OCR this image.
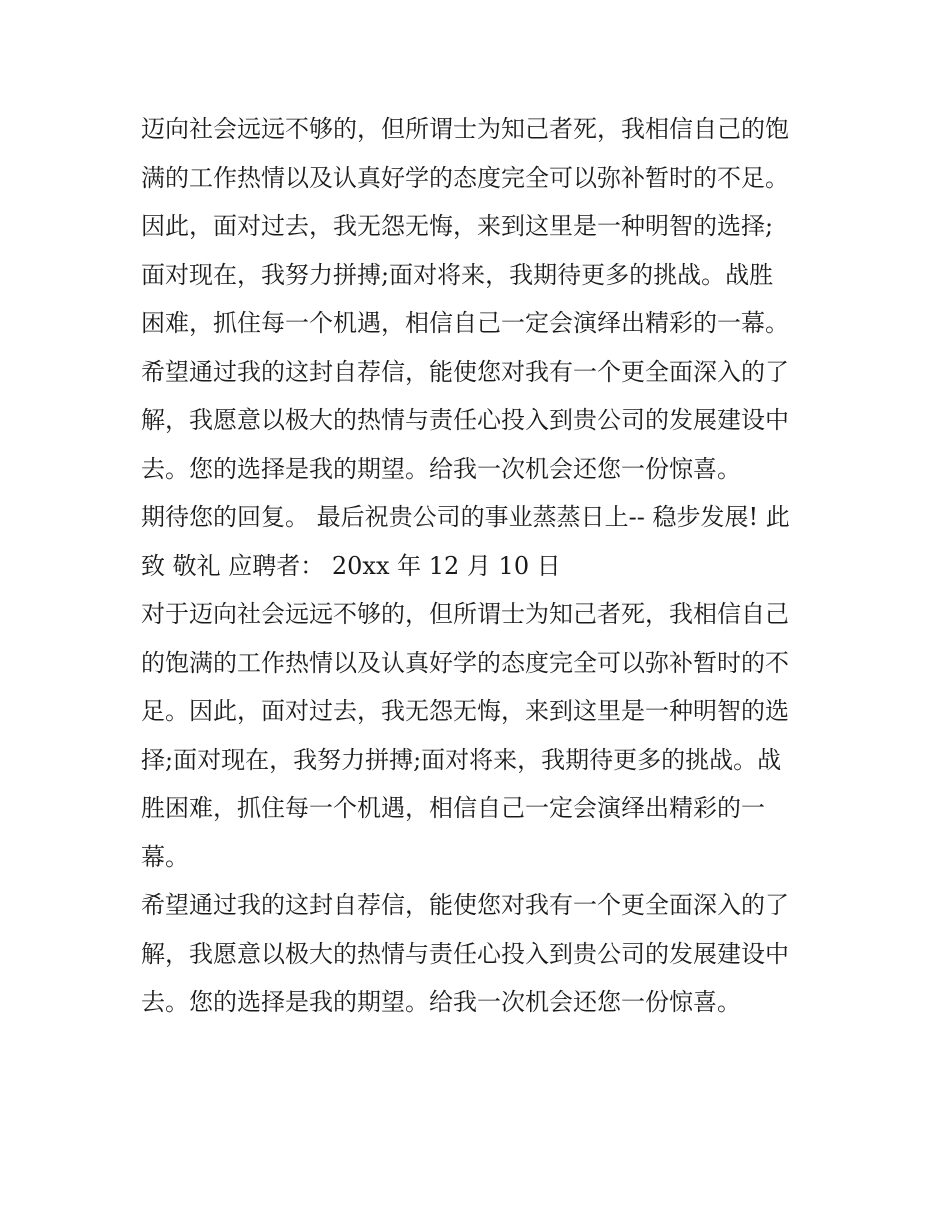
迈向社会远远不够的，但所谓士为知己者死，我相信自己的饱
满的工作热情以及认真好学的态度完全可以弥补暂时的不足。
因此，面对过去，我无怨无悔，来到这里是一种明智的选择;
面对现在，我努力拼搏;面对将来，我期待更多的挑战。战胜
困难，抓住每一个机遇，相信自己一定会演绎出精彩的一幕。
希望通过我的这封自荐信，能使您对我有一个更全面深入的了
解，我愿意以极大的热情与责任心投入到贵公司的发展建设中
去。您的选择是我的期望。给我一次机会还您一份惊喜。
期待您的回复。 最后祝贵公司的事业蒸蒸日上-- 稳步发展! 此
致 敬礼 应聘者： 20xx 年 12 月 10 日
对于迈向社会远远不够的，但所谓士为知己者死，我相信自己
的饱满的工作热情以及认真好学的态度完全可以弥补暂时的不
足。因此，面对过去，我无怨无悔，来到这里是一种明智的选
择;面对现在，我努力拼搏;面对将来，我期待更多的挑战。战
胜困难，抓住每一个机遇，相信自己一定会演绎出精彩的一
幕。
希望通过我的这封自荐信，能使您对我有一个更全面深入的了
解，我愿意以极大的热情与责任心投入到贵公司的发展建设中
去。您的选择是我的期望。给我一次机会还您一份惊喜。
